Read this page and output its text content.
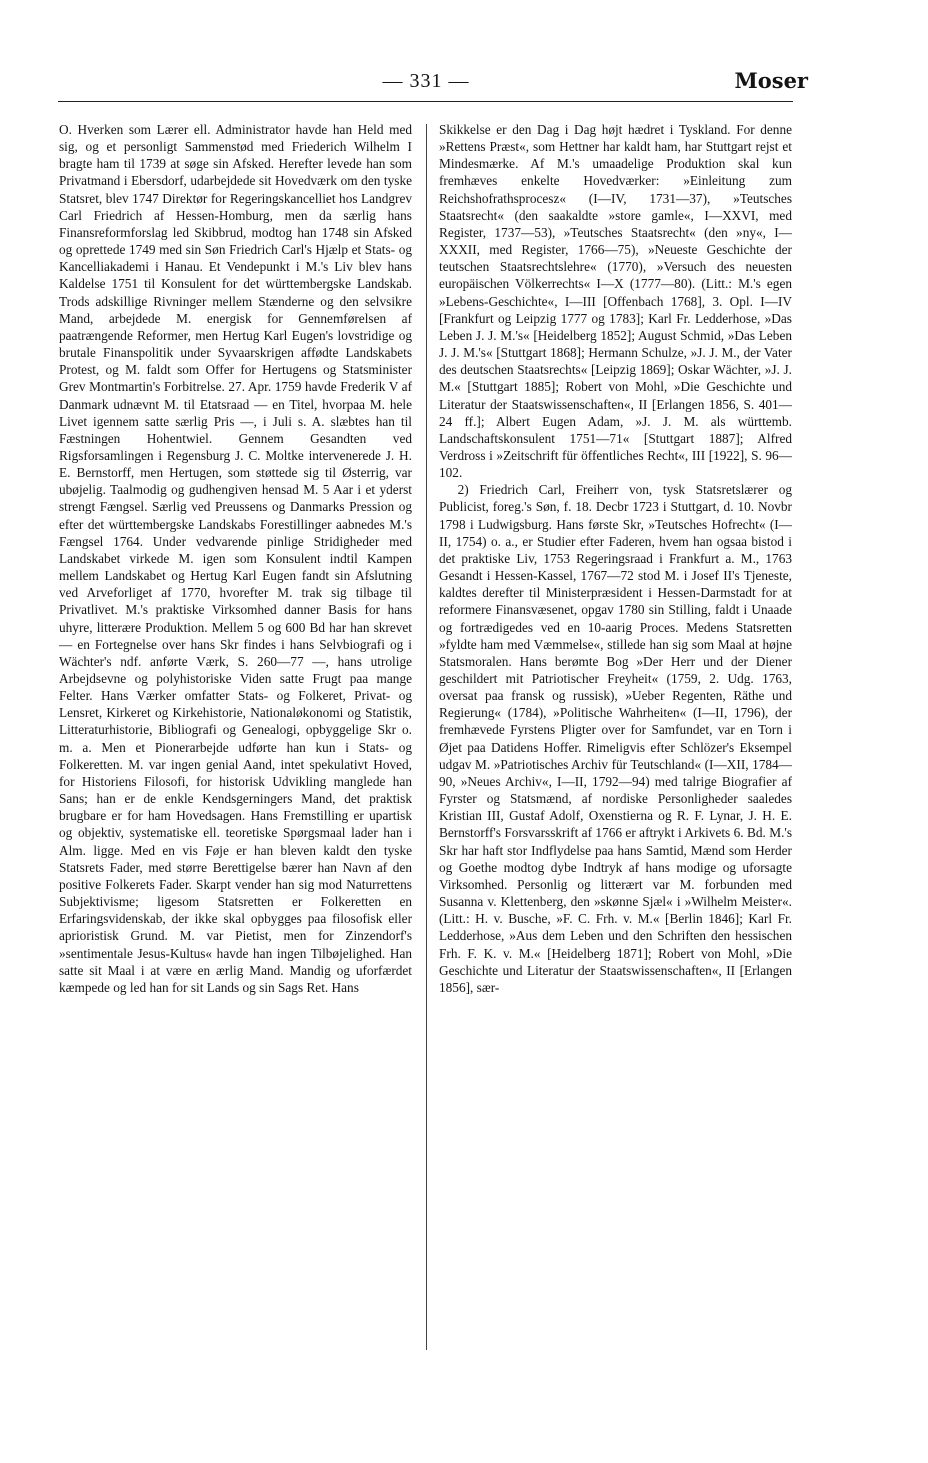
— 331 —	Moser

O. Hverken som Lærer ell. Administrator havde han Held med sig, og et personligt Sammenstød med Friederich Wilhelm I bragte ham til 1739 at søge sin Afsked. Herefter levede han som Privatmand i Ebersdorf, udarbejdede sit Hovedværk om den tyske Statsret, blev 1747 Direktør for Regeringskancelliet hos Landgrev Carl Friedrich af Hessen-Homburg, men da særlig hans Finansreformforslag led Skibbrud, modtog han 1748 sin Afsked og oprettede 1749 med sin Søn Friedrich Carl's Hjælp et Stats- og Kancelliakademi i Hanau. Et Vendepunkt i M.'s Liv blev hans Kaldelse 1751 til Konsulent for det württembergske Landskab. Trods adskillige Rivninger mellem Stænderne og den selvsikre Mand, arbejdede M. energisk for Gennemførelsen af paatrængende Reformer, men Hertug Karl Eugen's lovstridige og brutale Finanspolitik under Syvaarskrigen affødte Landskabets Protest, og M. faldt som Offer for Hertugens og Statsminister Grev Montmartin's Forbitrelse. 27. Apr. 1759 havde Frederik V af Danmark udnævnt M. til Etatsraad — en Titel, hvorpaa M. hele Livet igennem satte særlig Pris —, i Juli s. A. slæbtes han til Fæstningen Hohentwiel. Gennem Gesandten ved Rigsforsamlingen i Regensburg J. C. Moltke intervenerede J. H. E. Bernstorff, men Hertugen, som støttede sig til Østerrig, var ubøjelig. Taalmodig og gudhengiven hensad M. 5 Aar i et yderst strengt Fængsel. Særlig ved Preussens og Danmarks Pression og efter det württembergske Landskabs Forestillinger aabnedes M.'s Fængsel 1764. Under vedvarende pinlige Stridigheder med Landskabet virkede M. igen som Konsulent indtil Kampen mellem Landskabet og Hertug Karl Eugen fandt sin Afslutning ved Arveforliget af 1770, hvorefter M. trak sig tilbage til Privatlivet. M.'s praktiske Virksomhed danner Basis for hans uhyre, litterære Produktion. Mellem 5 og 600 Bd har han skrevet — en Fortegnelse over hans Skr findes i hans Selvbiografi og i Wächter's ndf. anførte Værk, S. 260—77 —, hans utrolige Arbejdsevne og polyhistoriske Viden satte Frugt paa mange Felter. Hans Værker omfatter Stats- og Folkeret, Privat- og Lensret, Kirkeret og Kirkehistorie, Nationaløkonomi og Statistik, Litteraturhistorie, Bibliografi og Genealogi, opbyggelige Skr o. m. a. Men et Pionerarbejde udførte han kun i Stats- og Folkeretten. M. var ingen genial Aand, intet spekulativt Hoved, for Historiens Filosofi, for historisk Udvikling manglede han Sans; han er de enkle Kendsgerningers Mand, det praktisk brugbare er for ham Hovedsagen. Hans Fremstilling er upartisk og objektiv, systematiske ell. teoretiske Spørgsmaal lader han i Alm. ligge. Med en vis Føje er han bleven kaldt den tyske Statsrets Fader, med større Berettigelse bærer han Navn af den positive Folkerets Fader. Skarpt vender han sig mod Naturrettens Subjektivisme; ligesom Statsretten er Folkeretten en Erfaringsvidenskab, der ikke skal opbygges paa filosofisk eller aprioristisk Grund. M. var Pietist, men for Zinzendorf's »sentimentale Jesus-Kultus« havde han ingen Tilbøjelighed. Han satte sit Maal i at være en ærlig Mand. Mandig og uforfærdet kæmpede og led han for sit Lands og sin Sags Ret. Hans

Skikkelse er den Dag i Dag højt hædret i Tyskland. For denne »Rettens Præst«, som Hettner har kaldt ham, har Stuttgart rejst et Mindesmærke. Af M.'s umaadelige Produktion skal kun fremhæves enkelte Hovedværker: »Einleitung zum Reichshofrathsprocesz« (I—IV, 1731—37), »Teutsches Staatsrecht« (den saakaldte »store gamle«, I—XXVI, med Register, 1737—53), »Teutsches Staatsrecht« (den »ny«, I—XXXII, med Register, 1766—75), »Neueste Geschichte der teutschen Staatsrechtslehre« (1770), »Versuch des neuesten europäischen Völkerrechts« I—X (1777—80). (Litt.: M.'s egen »Lebens-Geschichte«, I—III [Offenbach 1768], 3. Opl. I—IV [Frankfurt og Leipzig 1777 og 1783]; Karl Fr. Ledderhose, »Das Leben J. J. M.'s« [Heidelberg 1852]; August Schmid, »Das Leben J. J. M.'s« [Stuttgart 1868]; Hermann Schulze, »J. J. M., der Vater des deutschen Staatsrechts« [Leipzig 1869]; Oskar Wächter, »J. J. M.« [Stuttgart 1885]; Robert von Mohl, »Die Geschichte und Literatur der Staatswissenschaften«, II [Erlangen 1856, S. 401—24 ff.]; Albert Eugen Adam, »J. J. M. als württemb. Landschaftskonsulent 1751—71« [Stuttgart 1887]; Alfred Verdross i »Zeitschrift für öffentliches Recht«, III [1922], S. 96—102.

2) Friedrich Carl, Freiherr von, tysk Statsretslærer og Publicist, foreg.'s Søn, f. 18. Decbr 1723 i Stuttgart, d. 10. Novbr 1798 i Ludwigsburg. Hans første Skr, »Teutsches Hofrecht« (I—II, 1754) o. a., er Studier efter Faderen, hvem han ogsaa bistod i det praktiske Liv, 1753 Regeringsraad i Frankfurt a. M., 1763 Gesandt i Hessen-Kassel, 1767—72 stod M. i Josef II's Tjeneste, kaldtes derefter til Ministerpræsident i Hessen-Darmstadt for at reformere Finansvæsenet, opgav 1780 sin Stilling, faldt i Unaade og fortrædigedes ved en 10-aarig Proces. Medens Statsretten »fyldte ham med Væmmelse«, stillede han sig som Maal at højne Statsmoralen. Hans berømte Bog »Der Herr und der Diener geschildert mit Patriotischer Freyheit« (1759, 2. Udg. 1763, oversat paa fransk og russisk), »Ueber Regenten, Räthe und Regierung« (1784), »Politische Wahrheiten« (I—II, 1796), der fremhævede Fyrstens Pligter over for Samfundet, var en Torn i Øjet paa Datidens Hoffer. Rimeligvis efter Schlözer's Eksempel udgav M. »Patriotisches Archiv für Teutschland« (I—XII, 1784—90, »Neues Archiv«, I—II, 1792—94) med talrige Biografier af Fyrster og Statsmænd, af nordiske Personligheder saaledes Kristian III, Gustaf Adolf, Oxenstierna og R. F. Lynar, J. H. E. Bernstorff's Forsvarsskrift af 1766 er aftrykt i Arkivets 6. Bd. M.'s Skr har haft stor Indflydelse paa hans Samtid, Mænd som Herder og Goethe modtog dybe Indtryk af hans modige og uforsagte Virksomhed. Personlig og litterært var M. forbunden med Susanna v. Klettenberg, den »skønne Sjæl« i »Wilhelm Meister«. (Litt.: H. v. Busche, »F. C. Frh. v. M.« [Berlin 1846]; Karl Fr. Ledderhose, »Aus dem Leben und den Schriften den hessischen Frh. F. K. v. M.« [Heidelberg 1871]; Robert von Mohl, »Die Geschichte und Literatur der Staatswissenschaften«, II [Erlangen 1856], sær-
